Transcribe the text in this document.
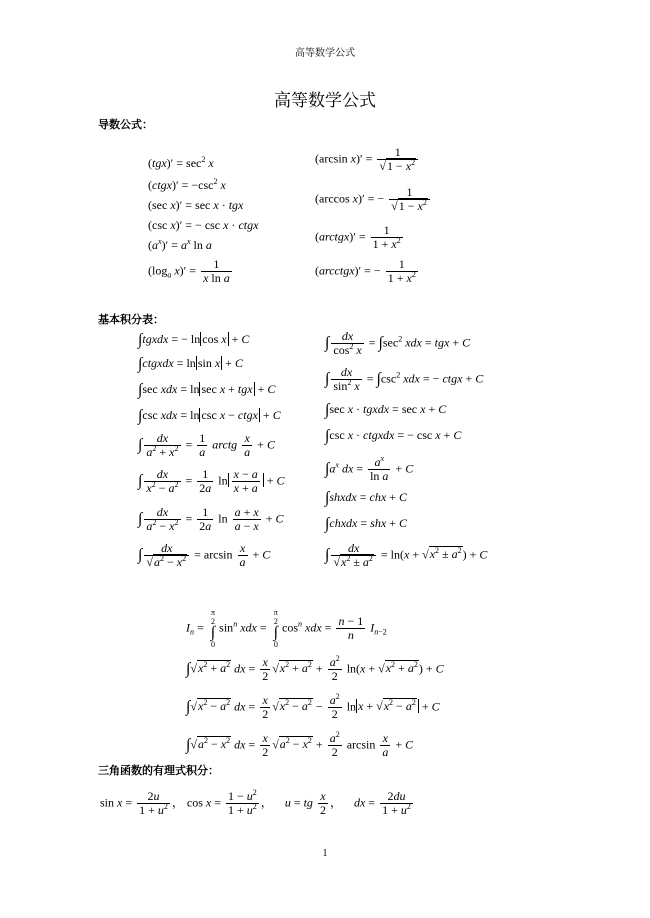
高等数学公式
高等数学公式
导数公式：
$(tgx)' = \sec^2 x$
(ctgx)′ = $-\csc^2$ x
(sec x)′ = sec x · tgx
(csc x)′ = − csc x · ctgx
$(a^x)' = a^x$ ln a
($\log_a$ $x)' = \frac{1}{\text{x ln a}}$
(arcsin $x)' = \frac{1}{√1 - x^2}$
(arccos x)′ = − $\frac{1}{√1 - x^2}$
(arctgx)′ = $\frac{1}{1 + x^2}$
(arcctgx)′ = − $\frac{1}{1 + x^2}$
基本积分表：
∫tgxdx = − ln cos x + C
∫ctgxdx = ln sin x + C
∫sec xdx = ln sec x + tgx + C
∫csc xdx = ln csc x − ctgx + C
∫ $\frac{dx}{a^2 + x^2} = \frac{1}{a}$ arctg $\frac{x}{a} + C$
∫ $\frac{dx}{x^2 - a^2} = \frac{1}{2a}$ $\ln \frac{x - a}{x + a} + C$
∫ $\frac{dx}{a^2 - x^2} = \frac{1}{2a}$ $\ln \frac{a + x}{a - x} + C$
∫ $\frac{dx}{√a^2 - x^2} = \arcsin \frac{x}{a} + C$
∫ $\frac{dx}{\cos^2 x} = \int\sec^2$ xdx = tgx + C
∫ $\frac{dx}{\sin^2 x} = \int\csc^2$ xdx = − ctgx + C
∫sec x · tgxdx = sec x + C
∫csc x · ctgxdx = − csc x + C
$\int a^x$ dx = $\frac{a^x}{\text{ln a}} + C$
∫shxdx = chx + C
∫chxdx = shx + C
∫ $\frac{dx}{√x^2 \pm a^2} = \ln(x + √x^2 \pm a^2) + C$
$I_n$ =
π
2
∫
0
$\sin^n$ xdx =
π
2
∫
0
$\cos^n$ xdx = $\frac{n - 1}{n} I_{n-2}$
$\int√x^2 + a^2$ dx = $\frac{x}{2} √x^2 + a^2 + \frac{a^2}{2} \ln(x + √x^2 + a^2) + C$
$\int√x^2 - a^2$ dx = $\frac{x}{2} √x^2 - a^2 - \frac{a^2}{2}$ $\ln x + √x^2 - a^2 + C$
$\int√a^2 - x^2$ dx = $\frac{x}{2} √a^2 - x^2 + \frac{a^2}{2}$ $\arcsin \frac{x}{a} + C$
三角函数的有理式积分：
$\sin x = \frac{2u}{1 + u^2}$ ， $\cos x = \frac{1 - u^2}{1 + u^2}$ ，    u = tg $\frac{x}{2}$ ，    dx = $\frac{2du}{1 + u^2}$
1
